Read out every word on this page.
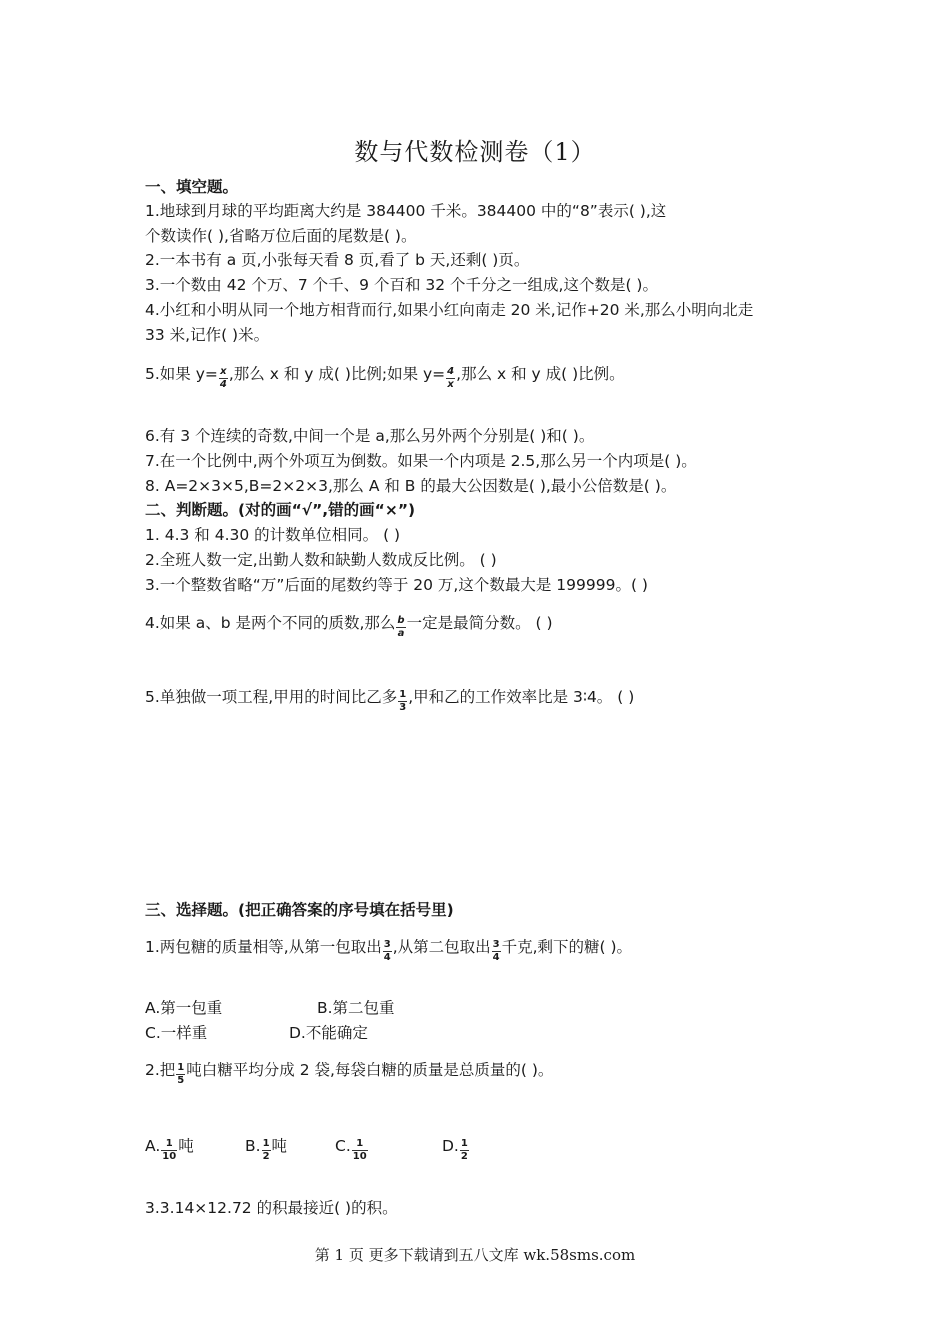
数与代数检测卷（1）
一、填空题。
1.地球到月球的平均距离大约是 384400 千米。384400 中的“8”表示( ),这
个数读作( ),省略万位后面的尾数是( )。
2.一本书有 a 页,小张每天看 8 页,看了 b 天,还剩( )页。
3.一个数由 42 个万、7 个千、9 个百和 32 个千分之一组成,这个数是( )。
4.小红和小明从同一个地方相背而行,如果小红向南走 20 米,记作+20 米,那么小明向北走
33 米,记作( )米。
5.如果 $y= \frac{x}{4}$ ,那么 x 和 y 成( )比例;如果 $y= \frac{4}{x}$ ,那么 x 和 y 成( )比例。
6.有 3 个连续的奇数,中间一个是 a,那么另外两个分别是( )和( )。
7.在一个比例中,两个外项互为倒数。如果一个内项是 2.5,那么另一个内项是( )。
8. A=2×3×5,B=2×2×3,那么 A 和 B 的最大公因数是( ),最小公倍数是( )。
二、判断题。(对的画“√”,错的画“×”)
1. 4.3 和 4.30 的计数单位相同。 ( )
2.全班人数一定,出勤人数和缺勤人数成反比例。 ( )
3.一个整数省略“万”后面的尾数约等于 20 万,这个数最大是 199999。( )
4.如果 a、b 是两个不同的质数,那么 $\frac{b}{a}$ 一定是最简分数。 ( )
5.单独做一项工程,甲用的时间比乙多 $\frac{1}{3}$ ,甲和乙的工作效率比是 3∶4。 ( )
三、选择题。(把正确答案的序号填在括号里)
1.两包糖的质量相等,从第一包取出 $\frac{3}{4}$ ,从第二包取出 $\frac{3}{4}$ 千克,剩下的糖( )。
A.第一包重	B.第二包重
C.一样重	D.不能确定
2.把 $\frac{1}{5}$ 吨白糖平均分成 2 袋,每袋白糖的质量是总质量的( )。
A. $\frac{1}{10}$ 吨	B. $\frac{1}{2}$ 吨	C. $\frac{1}{10}$	D. $\frac{1}{2}$
3.3.14×12.72 的积最接近( )的积。
第 1 页 更多下载请到五八文库 wk.58sms.com
